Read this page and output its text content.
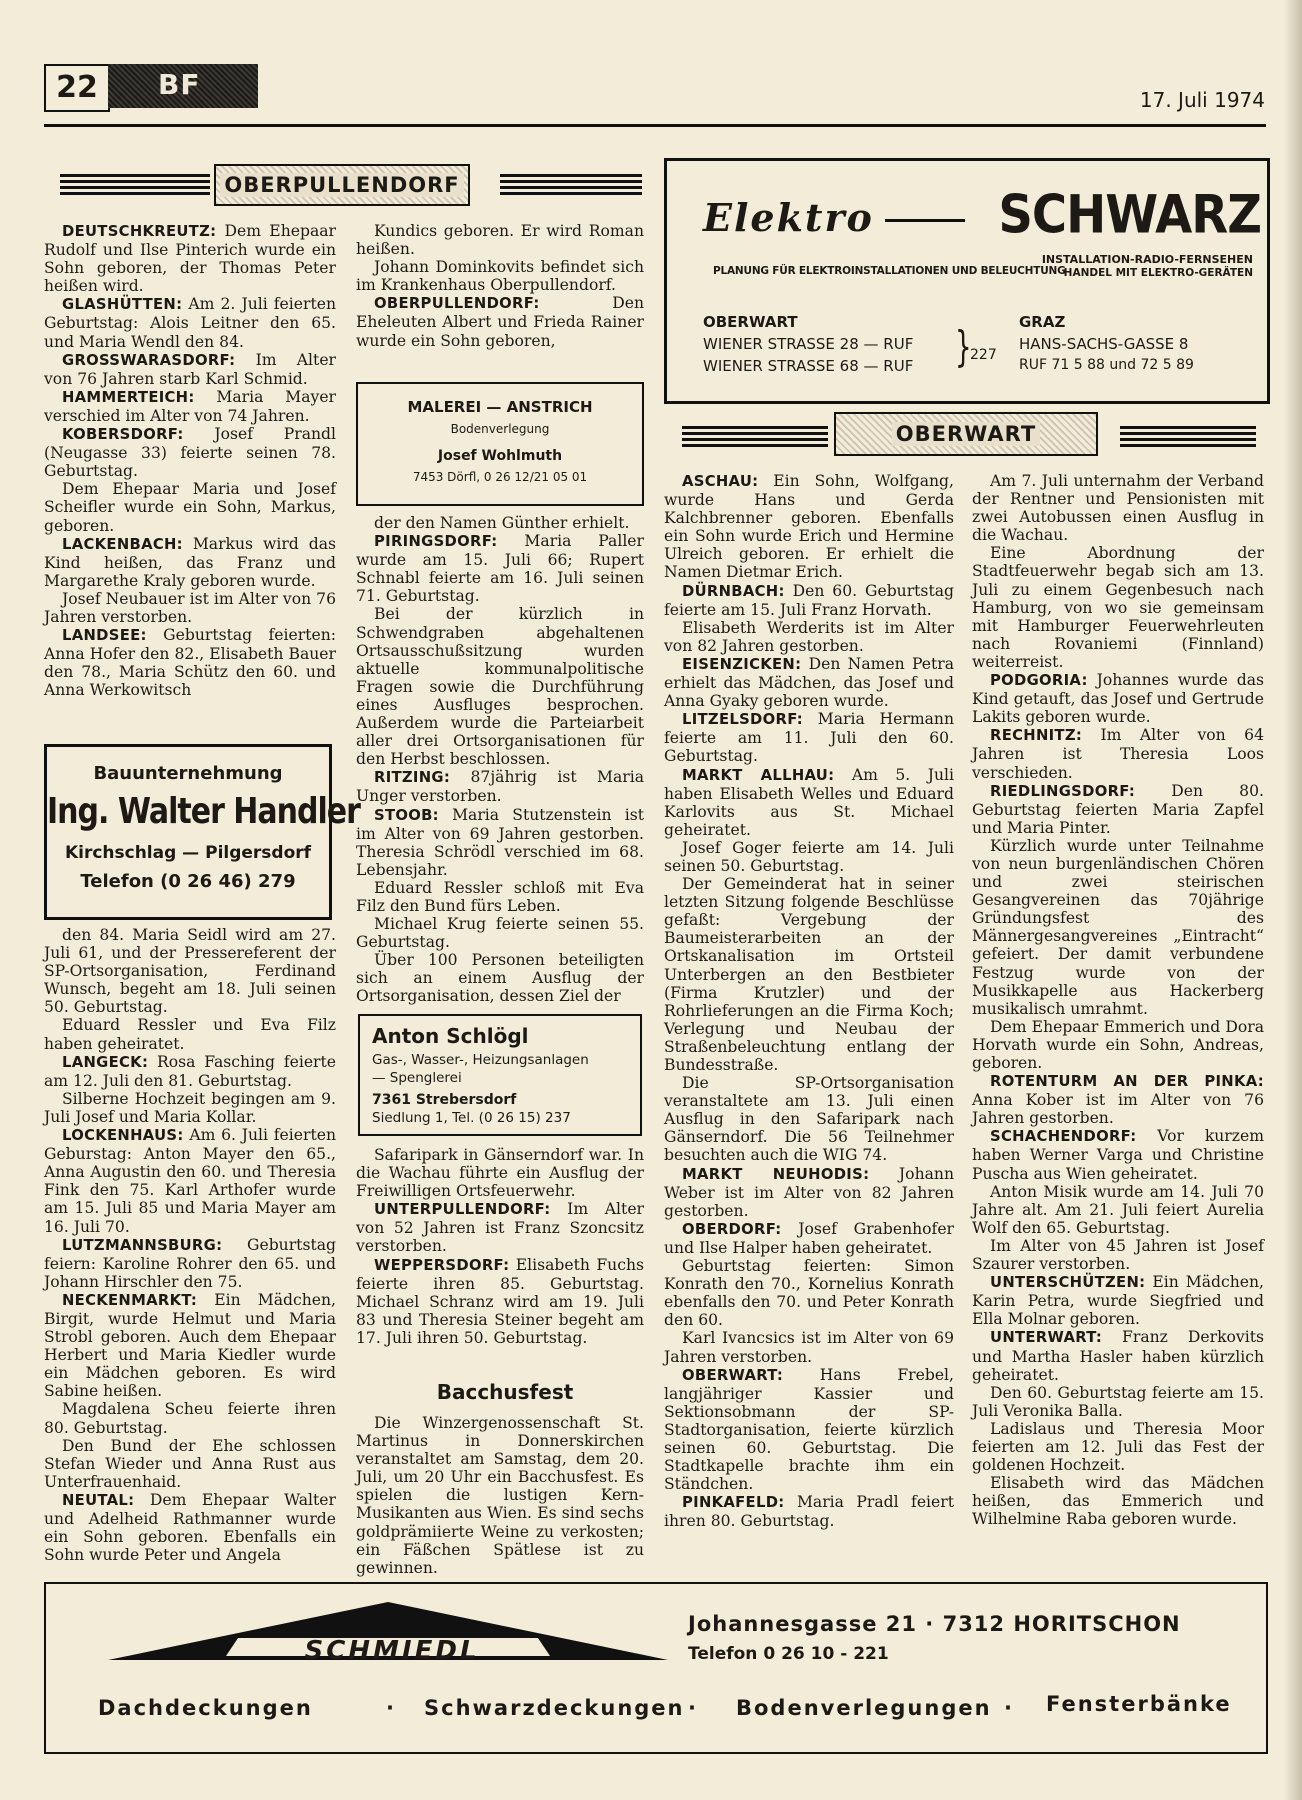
22	BF	17. Juli 1974
OBERPULLENDORF

DEUTSCHKREUTZ: Dem Ehepaar Rudolf und Ilse Pinterich wurde ein Sohn geboren, der Thomas Peter heißen wird.

GLASHÜTTEN: Am 2. Juli feierten Geburtstag: Alois Leitner den 65. und Maria Wendl den 84.

GROSSWARASDORF: Im Alter von 76 Jahren starb Karl Schmid.

HAMMERTEICH: Maria Mayer verschied im Alter von 74 Jahren.

KOBERSDORF: Josef Prandl (Neugasse 33) feierte seinen 78. Geburtstag.

Dem Ehepaar Maria und Josef Scheifler wurde ein Sohn, Markus, geboren.

LACKENBACH: Markus wird das Kind heißen, das Franz und Margarethe Kraly geboren wurde.

Josef Neubauer ist im Alter von 76 Jahren verstorben.

LANDSEE: Geburtstag feierten: Anna Hofer den 82., Elisabeth Bauer den 78., Maria Schütz den 60. und Anna Werkowitsch

Bauunternehmung
Ing. Walter Handler
Kirchschlag — Pilgersdorf
Telefon (0 26 46) 279

den 84. Maria Seidl wird am 27. Juli 61, und der Pressereferent der SP-Ortsorganisation, Ferdinand Wunsch, begeht am 18. Juli seinen 50. Geburtstag.

Eduard Ressler und Eva Filz haben geheiratet.

LANGECK: Rosa Fasching feierte am 12. Juli den 81. Geburtstag.

Silberne Hochzeit begingen am 9. Juli Josef und Maria Kollar.

LOCKENHAUS: Am 6. Juli feierten Geburstag: Anton Mayer den 65., Anna Augustin den 60. und Theresia Fink den 75. Karl Arthofer wurde am 15. Juli 85 und Maria Mayer am 16. Juli 70.

LUTZMANNSBURG: Geburtstag feiern: Karoline Rohrer den 65. und Johann Hirschler den 75.

NECKENMARKT: Ein Mädchen, Birgit, wurde Helmut und Maria Strobl geboren. Auch dem Ehepaar Herbert und Maria Kiedler wurde ein Mädchen geboren. Es wird Sabine heißen.

Magdalena Scheu feierte ihren 80. Geburtstag.

Den Bund der Ehe schlossen Stefan Wieder und Anna Rust aus Unterfrauenhaid.

NEUTAL: Dem Ehepaar Walter und Adelheid Rathmanner wurde ein Sohn geboren. Ebenfalls ein Sohn wurde Peter und Angela

Kundics geboren. Er wird Roman heißen.

Johann Dominkovits befindet sich im Krankenhaus Oberpullendorf.

OBERPULLENDORF: Den Eheleuten Albert und Frieda Rainer wurde ein Sohn geboren,

MALEREI — ANSTRICH
Bodenverlegung
Josef Wohlmuth
7453 Dörfl, 0 26 12/21 05 01

der den Namen Günther erhielt.

PIRINGSDORF: Maria Paller wurde am 15. Juli 66; Rupert Schnabl feierte am 16. Juli seinen 71. Geburtstag.

Bei der kürzlich in Schwendgraben abgehaltenen Ortsausschußsitzung wurden aktuelle kommunalpolitische Fragen sowie die Durchführung eines Ausfluges besprochen. Außerdem wurde die Parteiarbeit aller drei Ortsorganisationen für den Herbst beschlossen.

RITZING: 87jährig ist Maria Unger verstorben.

STOOB: Maria Stutzenstein ist im Alter von 69 Jahren gestorben. Theresia Schrödl verschied im 68. Lebensjahr.

Eduard Ressler schloß mit Eva Filz den Bund fürs Leben.

Michael Krug feierte seinen 55. Geburtstag.

Über 100 Personen beteiligten sich an einem Ausflug der Ortsorganisation, dessen Ziel der

Anton Schlögl
Gas-, Wasser-, Heizungsanlagen
— Spenglerei
7361 Strebersdorf
Siedlung 1, Tel. (0 26 15) 237

Safaripark in Gänserndorf war. In die Wachau führte ein Ausflug der Freiwilligen Ortsfeuerwehr.

UNTERPULLENDORF: Im Alter von 52 Jahren ist Franz Szoncsitz verstorben.

WEPPERSDORF: Elisabeth Fuchs feierte ihren 85. Geburtstag. Michael Schranz wird am 19. Juli 83 und Theresia Steiner begeht am 17. Juli ihren 50. Geburtstag.

Bacchusfest

Die Winzergenossenschaft St. Martinus in Donnerskirchen veranstaltet am Samstag, dem 20. Juli, um 20 Uhr ein Bacchusfest. Es spielen die lustigen Kern-Musikanten aus Wien. Es sind sechs goldprämiierte Weine zu verkosten; ein Fäßchen Spätlese ist zu gewinnen.

Elektro	SCHWARZ
PLANUNG FÜR ELEKTROINSTALLATIONEN UND BELEUCHTUNG
INSTALLATION-RADIO-FERNSEHEN
HANDEL MIT ELEKTRO-GERÄTEN
OBERWART
WIENER STRASSE 28 — RUF
WIENER STRASSE 68 — RUF }
227
GRAZ
HANS-SACHS-GASSE 8
RUF 71 5 88 und 72 5 89
OBERWART

ASCHAU: Ein Sohn, Wolfgang, wurde Hans und Gerda Kalchbrenner geboren. Ebenfalls ein Sohn wurde Erich und Hermine Ulreich geboren. Er erhielt die Namen Dietmar Erich.

DÜRNBACH: Den 60. Geburtstag feierte am 15. Juli Franz Horvath.

Elisabeth Werderits ist im Alter von 82 Jahren gestorben.

EISENZICKEN: Den Namen Petra erhielt das Mädchen, das Josef und Anna Gyaky geboren wurde.

LITZELSDORF: Maria Hermann feierte am 11. Juli den 60. Geburtstag.

MARKT ALLHAU: Am 5. Juli haben Elisabeth Welles und Eduard Karlovits aus St. Michael geheiratet.

Josef Goger feierte am 14. Juli seinen 50. Geburtstag.

Der Gemeinderat hat in seiner letzten Sitzung folgende Beschlüsse gefaßt: Vergebung der Baumeisterarbeiten an der Ortskanalisation im Ortsteil Unterbergen an den Bestbieter (Firma Krutzler) und der Rohrlieferungen an die Firma Koch; Verlegung und Neubau der Straßenbeleuchtung entlang der Bundesstraße.

Die SP-Ortsorganisation veranstaltete am 13. Juli einen Ausflug in den Safaripark nach Gänserndorf. Die 56 Teilnehmer besuchten auch die WIG 74.

MARKT NEUHODIS: Johann Weber ist im Alter von 82 Jahren gestorben.

OBERDORF: Josef Grabenhofer und Ilse Halper haben geheiratet.

Geburtstag feierten: Simon Konrath den 70., Kornelius Konrath ebenfalls den 70. und Peter Konrath den 60.

Karl Ivancsics ist im Alter von 69 Jahren verstorben.

OBERWART: Hans Frebel, langjähriger Kassier und Sektionsobmann der SP-Stadtorganisation, feierte kürzlich seinen 60. Geburtstag. Die Stadtkapelle brachte ihm ein Ständchen.

PINKAFELD: Maria Pradl feiert ihren 80. Geburtstag.

Am 7. Juli unternahm der Verband der Rentner und Pensionisten mit zwei Autobussen einen Ausflug in die Wachau.

Eine Abordnung der Stadtfeuerwehr begab sich am 13. Juli zu einem Gegenbesuch nach Hamburg, von wo sie gemeinsam mit Hamburger Feuerwehrleuten nach Rovaniemi (Finnland) weiterreist.

PODGORIA: Johannes wurde das Kind getauft, das Josef und Gertrude Lakits geboren wurde.

RECHNITZ: Im Alter von 64 Jahren ist Theresia Loos verschieden.

RIEDLINGSDORF: Den 80. Geburtstag feierten Maria Zapfel und Maria Pinter.

Kürzlich wurde unter Teilnahme von neun burgenländischen Chören und zwei steirischen Gesangvereinen das 70jährige Gründungsfest des Männergesangvereines „Eintracht“ gefeiert. Der damit verbundene Festzug wurde von der Musikkapelle aus Hackerberg musikalisch umrahmt.

Dem Ehepaar Emmerich und Dora Horvath wurde ein Sohn, Andreas, geboren.

ROTENTURM AN DER PINKA: Anna Kober ist im Alter von 76 Jahren gestorben.

SCHACHENDORF: Vor kurzem haben Werner Varga und Christine Puscha aus Wien geheiratet.

Anton Misik wurde am 14. Juli 70 Jahre alt. Am 21. Juli feiert Aurelia Wolf den 65. Geburtstag.

Im Alter von 45 Jahren ist Josef Szaurer verstorben.

UNTERSCHÜTZEN: Ein Mädchen, Karin Petra, wurde Siegfried und Ella Molnar geboren.

UNTERWART: Franz Derkovits und Martha Hasler haben kürzlich geheiratet.

Den 60. Geburtstag feierte am 15. Juli Veronika Balla.

Ladislaus und Theresia Moor feierten am 12. Juli das Fest der goldenen Hochzeit.

Elisabeth wird das Mädchen heißen, das Emmerich und Wilhelmine Raba geboren wurde.

SCHMIEDL
Johannesgasse 21 · 7312 HORITSCHON
Telefon 0 26 10 - 221
Dachdeckungen	· Schwarzdeckungen · Bodenverlegungen · Fensterbänke
